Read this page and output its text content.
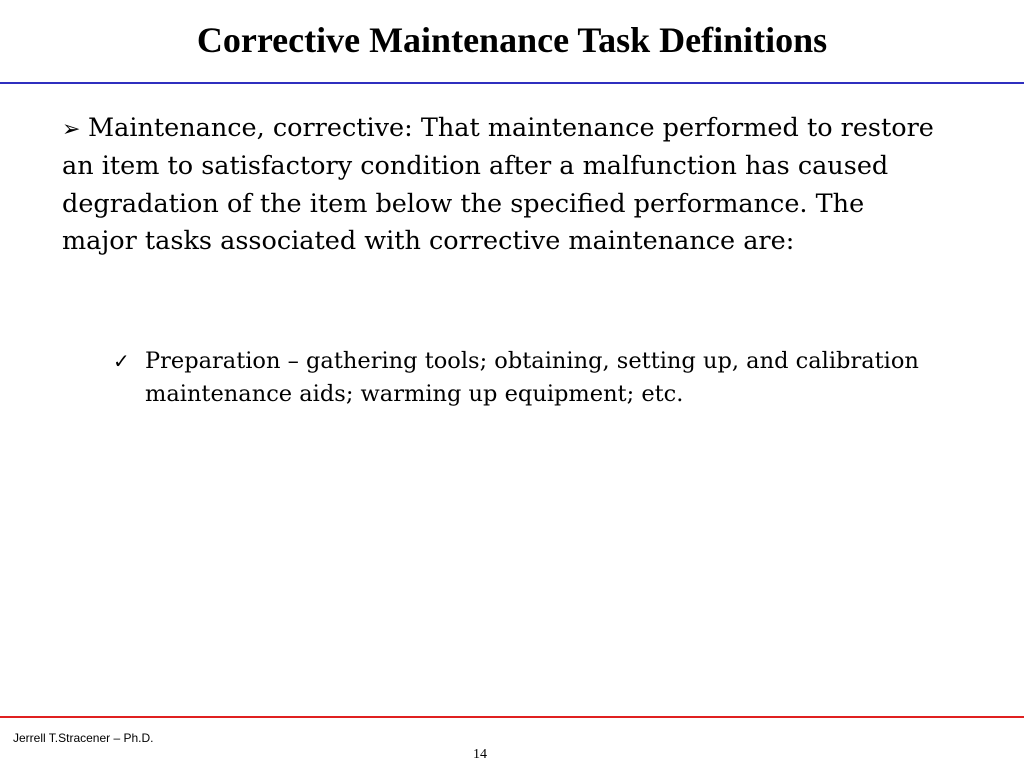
Corrective Maintenance Task Definitions
➢ Maintenance, corrective: That maintenance performed to restore an item to satisfactory condition after a malfunction has caused degradation of the item below the specified performance. The major tasks associated with corrective maintenance are:
✓ Preparation – gathering tools; obtaining, setting up, and calibration maintenance aids; warming up equipment; etc.
Jerrell T.Stracener – Ph.D.
14
